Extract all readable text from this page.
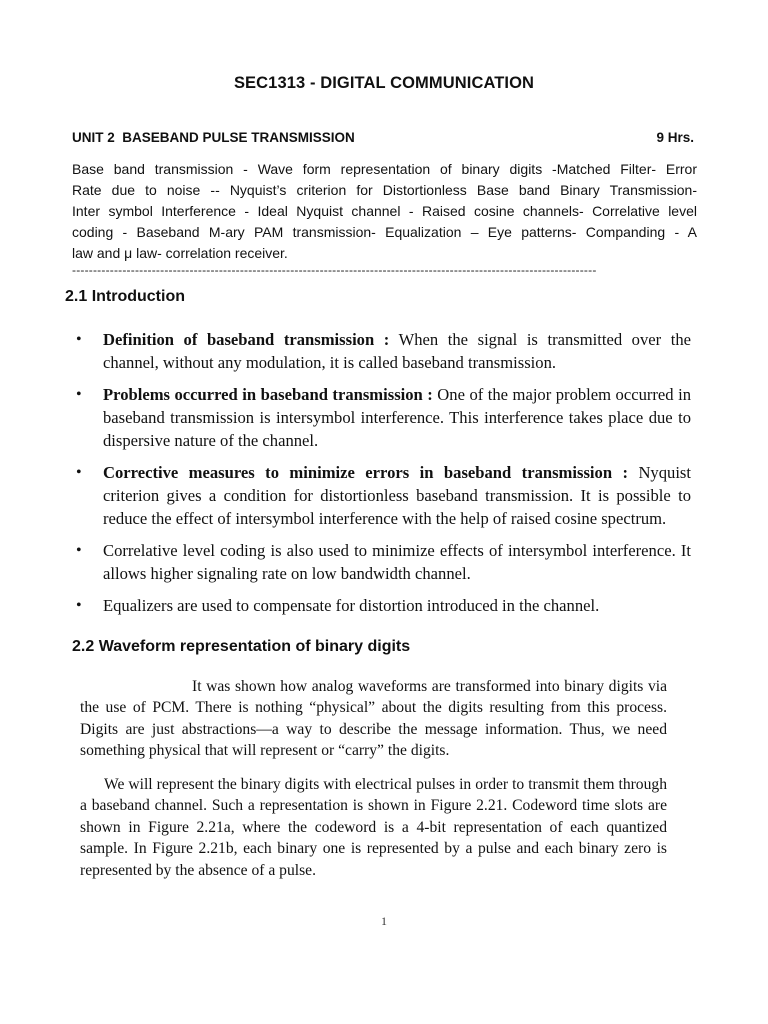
SEC1313 - DIGITAL COMMUNICATION
UNIT 2  BASEBAND PULSE TRANSMISSION	9 Hrs.
Base band transmission - Wave form representation of binary digits -Matched Filter- Error
Rate due to noise -- Nyquist’s criterion for Distortionless Base band Binary Transmission-
Inter symbol Interference - Ideal Nyquist channel - Raised cosine channels- Correlative level
coding - Baseband M-ary PAM transmission- Equalization – Eye patterns- Companding - A
law and μ law- correlation receiver.
-----------------------------------------------------------------------------------------------------------------------------
2.1 Introduction
• Definition of baseband transmission : When the signal is transmitted over the channel, without any modulation, it is called baseband transmission.
• Problems occurred in baseband transmission : One of the major problem occurred in baseband transmission is intersymbol interference. This interference takes place due to dispersive nature of the channel.
• Corrective measures to minimize errors in baseband transmission : Nyquist criterion gives a condition for distortionless baseband transmission. It is possible to reduce the effect of intersymbol interference with the help of raised cosine spectrum.
• Correlative level coding is also used to minimize effects of intersymbol interference. It allows higher signaling rate on low bandwidth channel.
• Equalizers are used to compensate for distortion introduced in the channel.
2.2 Waveform representation of binary digits
It was shown how analog waveforms are transformed into binary digits via the use of PCM. There is nothing “physical” about the digits resulting from this process. Digits are just abstractions—a way to describe the message information. Thus, we need something physical that will represent or “carry” the digits.
We will represent the binary digits with electrical pulses in order to transmit them through a baseband channel. Such a representation is shown in Figure 2.21. Codeword time slots are shown in Figure 2.21a, where the codeword is a 4-bit representation of each quantized sample. In Figure 2.21b, each binary one is represented by a pulse and each binary zero is represented by the absence of a pulse.
1
